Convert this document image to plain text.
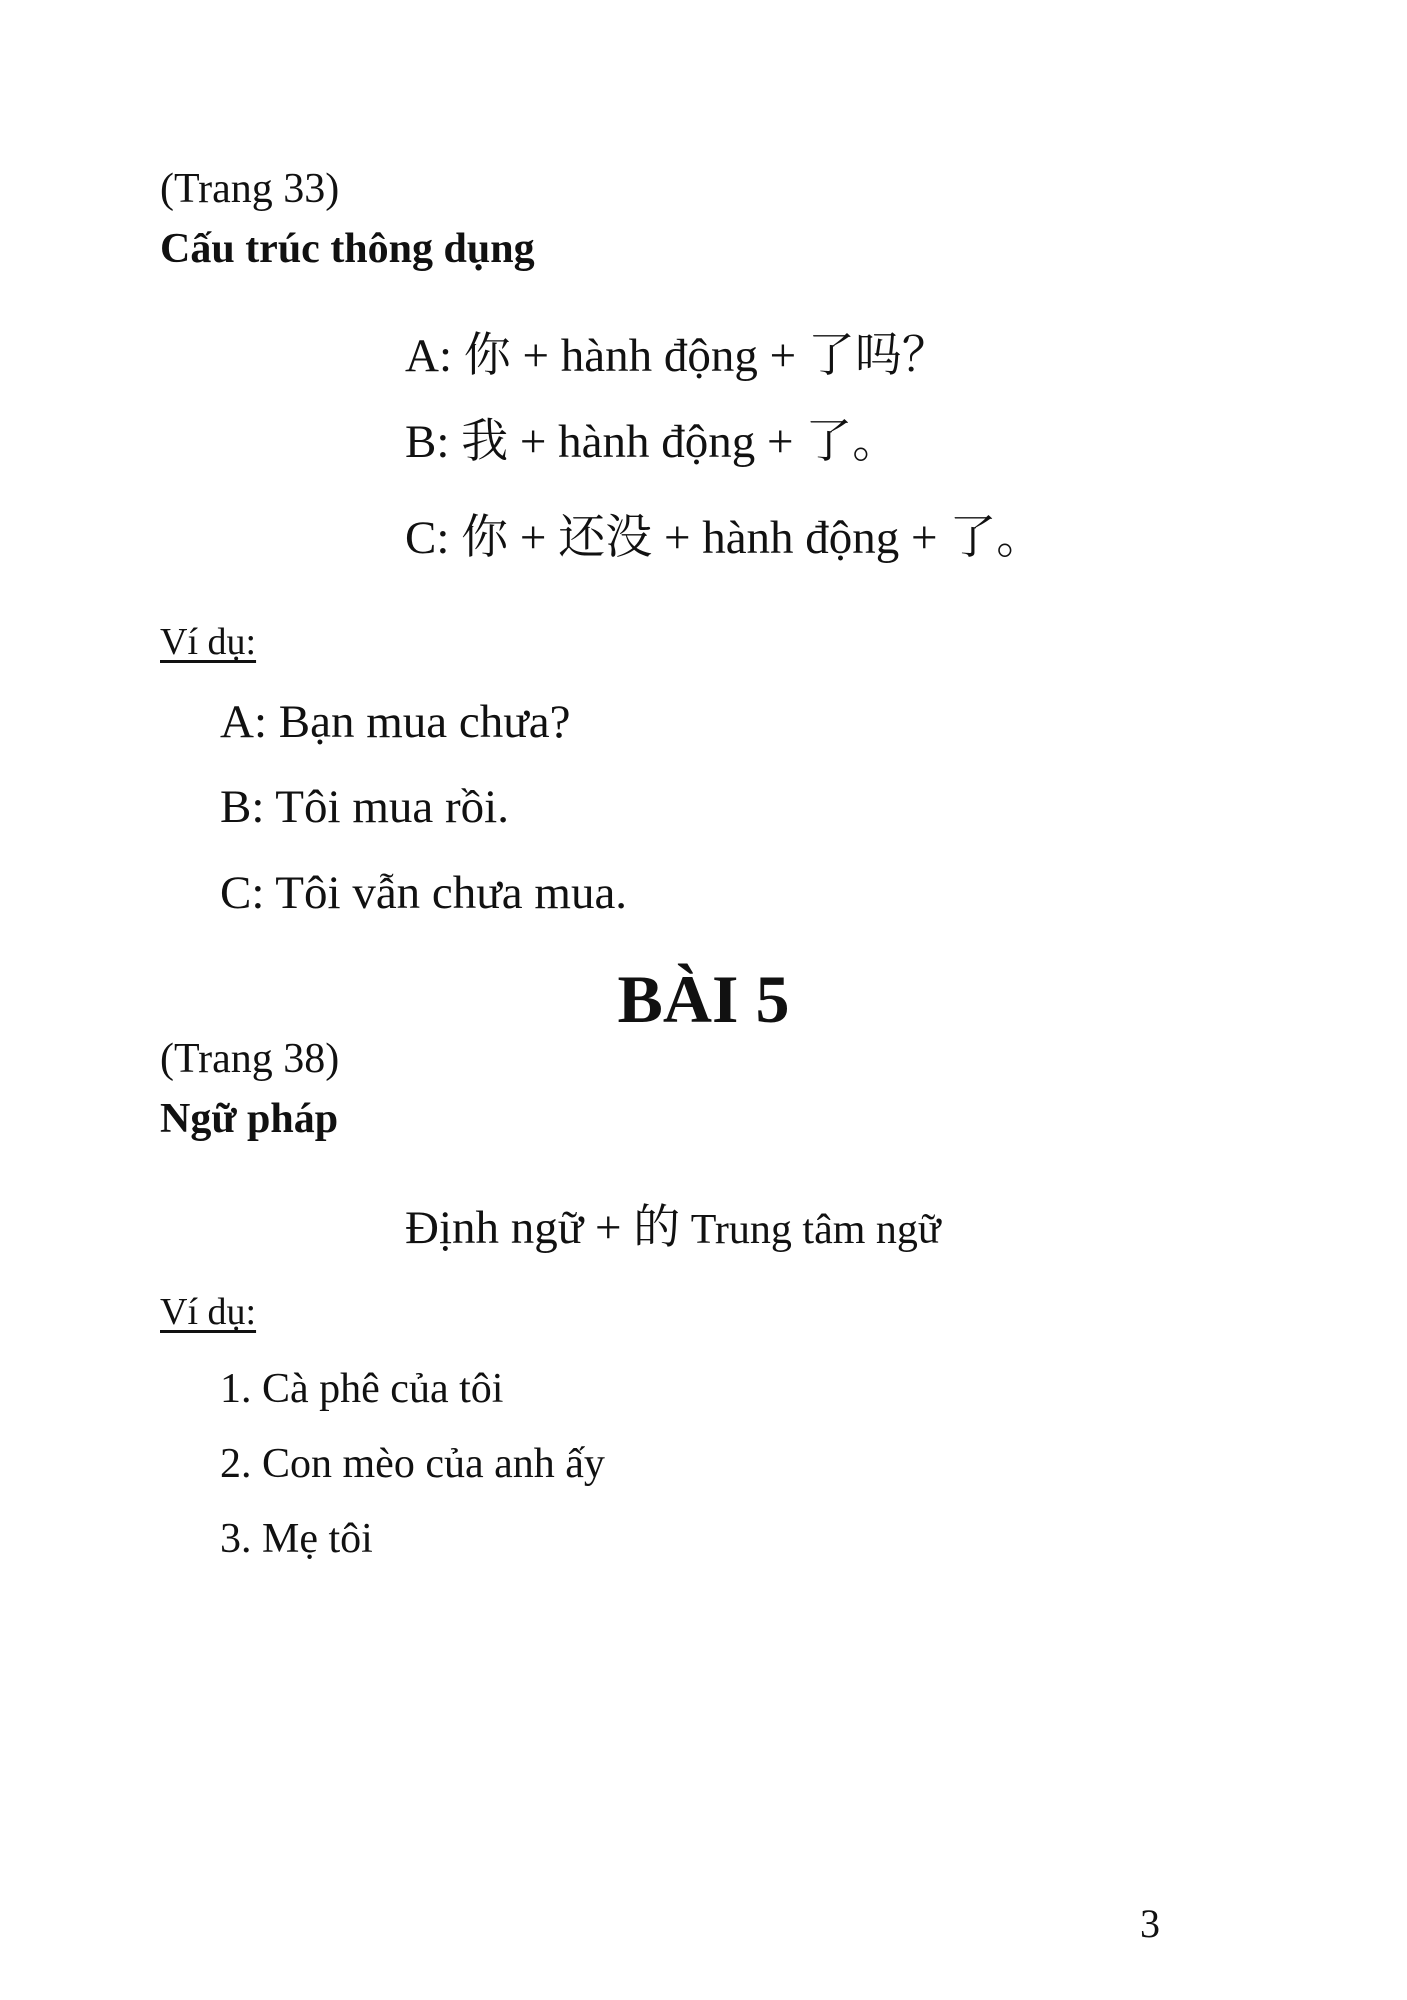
(Trang 33)
Cấu trúc thông dụng
A: 你 + hành động + 了吗？
B: 我 + hành động + 了。
C: 你 + 还没 + hành động + 了。
Ví dụ:
A: Bạn mua chưa?
B: Tôi mua rồi.
C: Tôi vẫn chưa mua.
BÀI 5
(Trang 38)
Ngữ pháp
Định ngữ + 的 Trung tâm ngữ
Ví dụ:
1. Cà phê của tôi
2. Con mèo của anh ấy
3. Mẹ tôi
3
